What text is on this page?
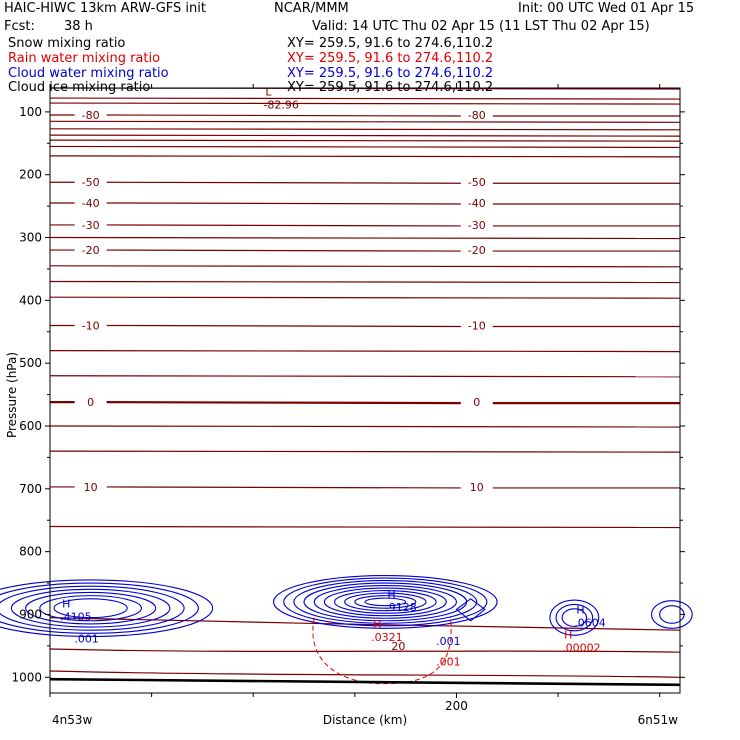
HAIC-HIWC 13km ARW-GFS init	NCAR/MMM	Init: 00 UTC Wed 01 Apr 15
Fcst: 38 h	Valid: 14 UTC Thu 02 Apr 15 (11 LST Thu 02 Apr 15)
Snow mixing ratio	XY= 259.5, 91.6 to 274.6,110.2
Rain water mixing ratio	XY= 259.5, 91.6 to 274.6,110.2
Cloud water mixing ratio	XY= 259.5, 91.6 to 274.6,110.2
Cloud ice mixing ratio	XY= 259.5, 91.6 to 274.6,110.2
-80	-80
-50	-50
-40	-40
-30	-30
-20	-20
-10	-10
0	0
10	10
L
-82.96
H
.4105
H
.9128	H
.0604
H
.0321	H
.00002
.001	.001
.001
20
100
200
300
400
500
600
700
800
900
1000
200
Pressure (hPa)
Distance (km)
4n53w	6n51w
